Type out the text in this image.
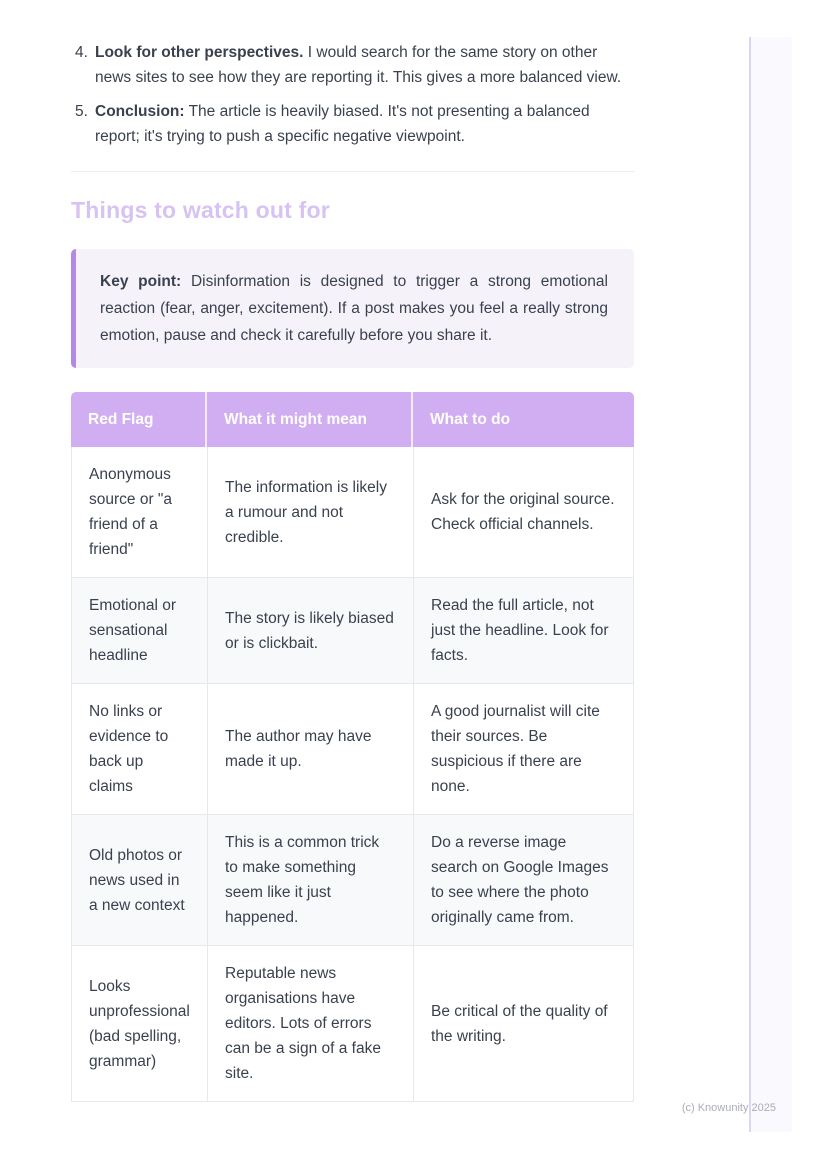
4. Look for other perspectives. I would search for the same story on other news sites to see how they are reporting it. This gives a more balanced view.
5. Conclusion: The article is heavily biased. It's not presenting a balanced report; it's trying to push a specific negative viewpoint.
Things to watch out for
Key point: Disinformation is designed to trigger a strong emotional reaction (fear, anger, excitement). If a post makes you feel a really strong emotion, pause and check it carefully before you share it.
Red Flag	What it might mean	What to do
Anonymous source or "a friend of a friend"	The information is likely a rumour and not credible.	Ask for the original source. Check official channels.
Emotional or sensational headline	The story is likely biased or is clickbait.	Read the full article, not just the headline. Look for facts.
No links or evidence to back up claims	The author may have made it up.	A good journalist will cite their sources. Be suspicious if there are none.
Old photos or news used in a new context	This is a common trick to make something seem like it just happened.	Do a reverse image search on Google Images to see where the photo originally came from.
Looks unprofessional (bad spelling, grammar)	Reputable news organisations have editors. Lots of errors can be a sign of a fake site.	Be critical of the quality of the writing.
(c) Knowunity 2025
